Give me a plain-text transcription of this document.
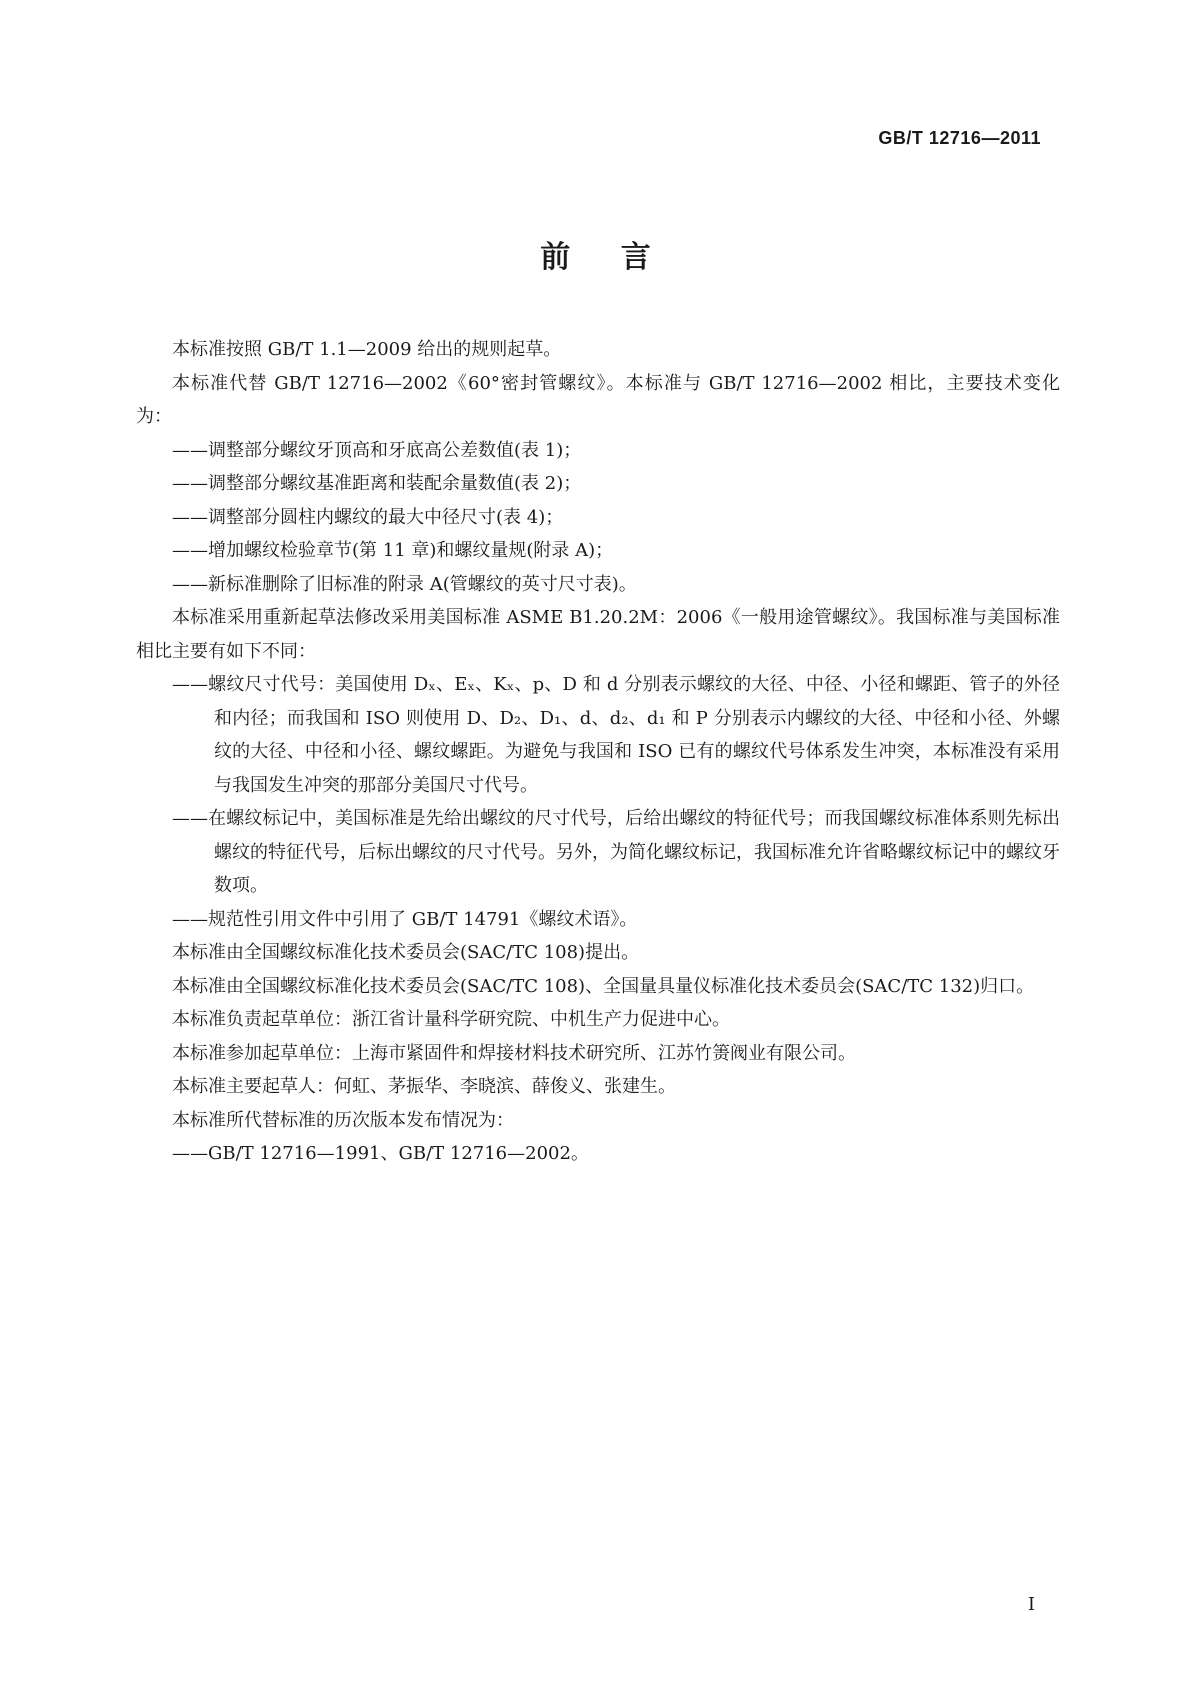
GB/T 12716—2011
前 言

本标准按照 GB/T 1.1—2009 给出的规则起草。

本标准代替 GB/T 12716—2002《60°密封管螺纹》。本标准与 GB/T 12716—2002 相比，主要技术变化为：

——调整部分螺纹牙顶高和牙底高公差数值(表 1)；

——调整部分螺纹基准距离和装配余量数值(表 2)；

——调整部分圆柱内螺纹的最大中径尺寸(表 4)；

——增加螺纹检验章节(第 11 章)和螺纹量规(附录 A)；

——新标准删除了旧标准的附录 A(管螺纹的英寸尺寸表)。

本标准采用重新起草法修改采用美国标准 ASME B1.20.2M：2006《一般用途管螺纹》。我国标准与美国标准相比主要有如下不同：

——螺纹尺寸代号：美国使用 Dₓ、Eₓ、Kₓ、p、D 和 d 分别表示螺纹的大径、中径、小径和螺距、管子的外径和内径；而我国和 ISO 则使用 D、D₂、D₁、d、d₂、d₁ 和 P 分别表示内螺纹的大径、中径和小径、外螺纹的大径、中径和小径、螺纹螺距。为避免与我国和 ISO 已有的螺纹代号体系发生冲突，本标准没有采用与我国发生冲突的那部分美国尺寸代号。

——在螺纹标记中，美国标准是先给出螺纹的尺寸代号，后给出螺纹的特征代号；而我国螺纹标准体系则先标出螺纹的特征代号，后标出螺纹的尺寸代号。另外，为简化螺纹标记，我国标准允许省略螺纹标记中的螺纹牙数项。

——规范性引用文件中引用了 GB/T 14791《螺纹术语》。

本标准由全国螺纹标准化技术委员会(SAC/TC 108)提出。

本标准由全国螺纹标准化技术委员会(SAC/TC 108)、全国量具量仪标准化技术委员会(SAC/TC 132)归口。

本标准负责起草单位：浙江省计量科学研究院、中机生产力促进中心。

本标准参加起草单位：上海市紧固件和焊接材料技术研究所、江苏竹箦阀业有限公司。

本标准主要起草人：何虹、茅振华、李晓滨、薛俊义、张建生。

本标准所代替标准的历次版本发布情况为：

——GB/T 12716—1991、GB/T 12716—2002。

I
